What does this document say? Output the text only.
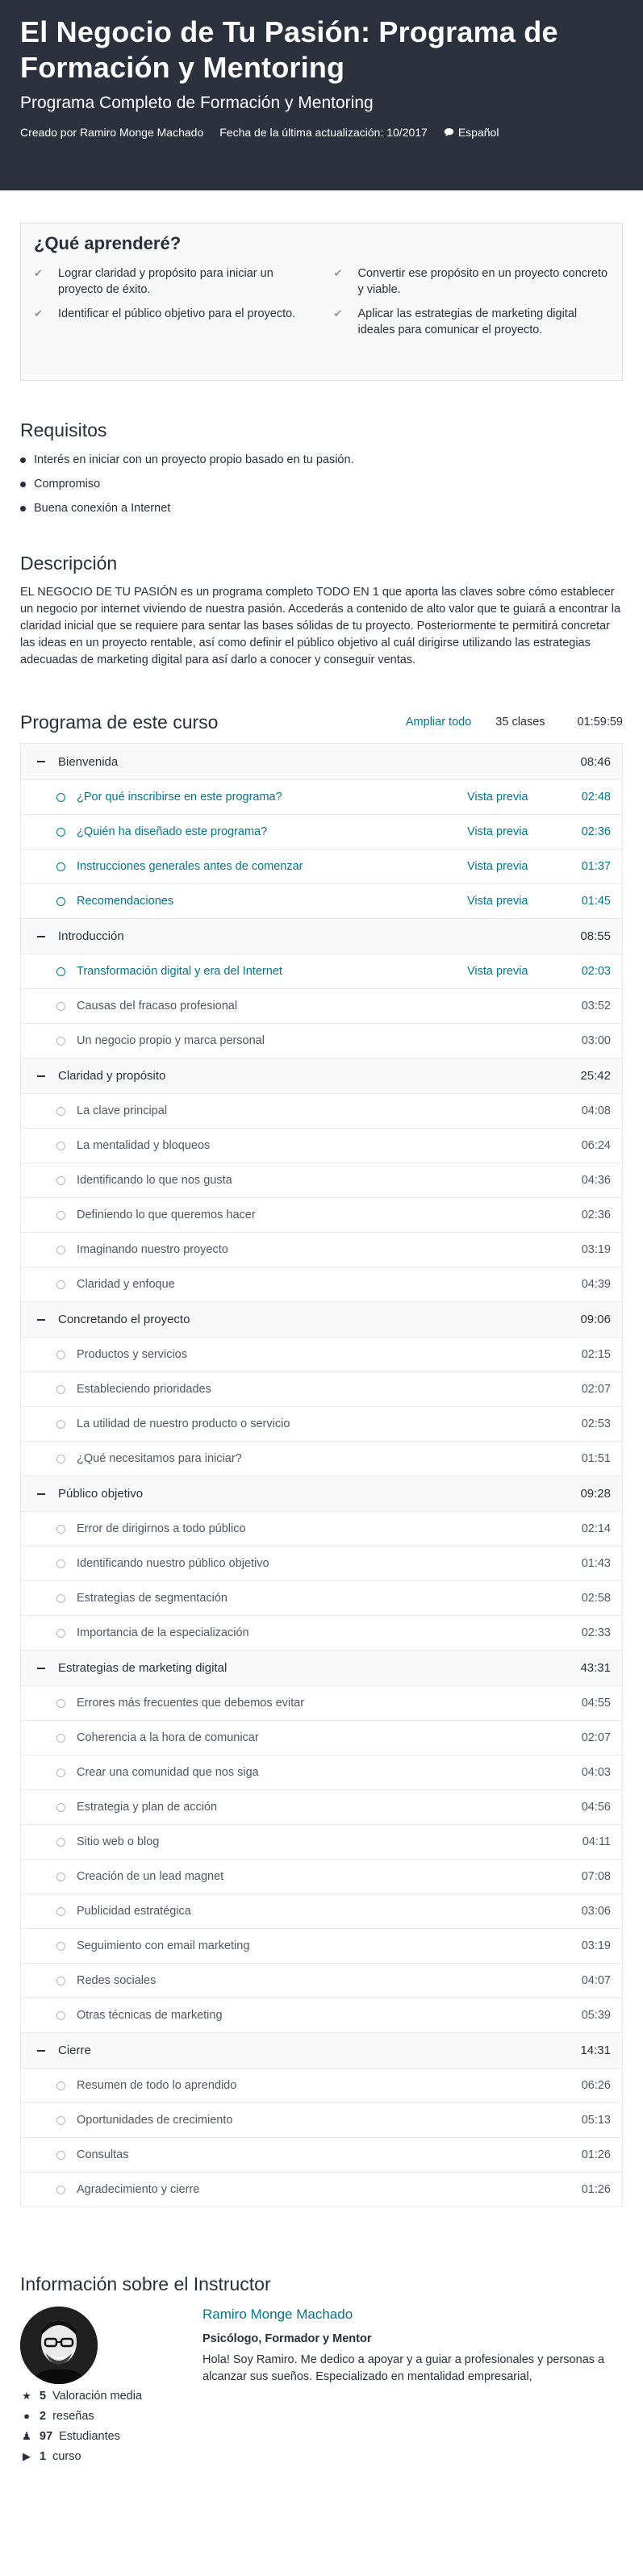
El Negocio de Tu Pasión: Programa de Formación y Mentoring
Programa Completo de Formación y Mentoring
Creado por Ramiro Monge Machado Fecha de la última actualización: 10/2017	Español
¿Qué aprenderé?
✔ Lograr claridad y propósito para iniciar un proyecto de éxito.
✔ Convertir ese propósito en un proyecto concreto y viable.
✔ Identificar el público objetivo para el proyecto.	✔ Aplicar las estrategias de marketing digital ideales para comunicar el proyecto.
Requisitos
Interés en iniciar con un proyecto propio basado en tu pasión.
Compromiso
Buena conexión a Internet
Descripción

EL NEGOCIO DE TU PASIÓN es un programa completo TODO EN 1 que aporta las claves sobre cómo establecer un negocio por internet viviendo de nuestra pasión. Accederás a contenido de alto valor que te guiará a encontrar la claridad inicial que se requiere para sentar las bases sólidas de tu proyecto. Posteriormente te permitirá concretar las ideas en un proyecto rentable, así como definir el público objetivo al cuál dirigirse utilizando las estrategias adecuadas de marketing digital para así darlo a conocer y conseguir ventas.

Programa de este curso	Ampliar todo 35 clases	01:59:59
Bienvenida	08:46
¿Por qué inscribirse en este programa?	Vista previa	02:48
¿Quién ha diseñado este programa?	Vista previa	02:36
Instrucciones generales antes de comenzar	Vista previa	01:37
Recomendaciones	Vista previa	01:45
Introducción	08:55
Transformación digital y era del Internet	Vista previa	02:03
Causas del fracaso profesional	03:52
Un negocio propio y marca personal	03:00
Claridad y propósito	25:42
La clave principal	04:08
La mentalidad y bloqueos	06:24
Identificando lo que nos gusta	04:36
Definiendo lo que queremos hacer	02:36
Imaginando nuestro proyecto	03:19
Claridad y enfoque	04:39
Concretando el proyecto	09:06
Productos y servicios	02:15
Estableciendo prioridades	02:07
La utilidad de nuestro producto o servicio	02:53
¿Qué necesitamos para iniciar?	01:51
Público objetivo	09:28
Error de dirigirnos a todo público	02:14
Identificando nuestro público objetivo	01:43
Estrategias de segmentación	02:58
Importancia de la especialización	02:33
Estrategias de marketing digital	43:31
Errores más frecuentes que debemos evitar	04:55
Coherencia a la hora de comunicar	02:07
Crear una comunidad que nos siga	04:03
Estrategia y plan de acción	04:56
Sitio web o blog	04:11
Creación de un lead magnet	07:08
Publicidad estratégica	03:06
Seguimiento con email marketing	03:19
Redes sociales	04:07
Otras técnicas de marketing	05:39
Cierre	14:31
Resumen de todo lo aprendido	06:26
Oportunidades de crecimiento	05:13
Consultas	01:26
Agradecimiento y cierre	01:26
Información sobre el Instructor
★ 5 Valoración media
● 2 reseñas
♟ 97 Estudiantes
▶ 1 curso
Ramiro Monge Machado
Psicólogo, Formador y Mentor
Hola! Soy Ramiro. Me dedico a apoyar y a guiar a profesionales y personas a alcanzar sus sueños. Especializado en mentalidad empresarial,
